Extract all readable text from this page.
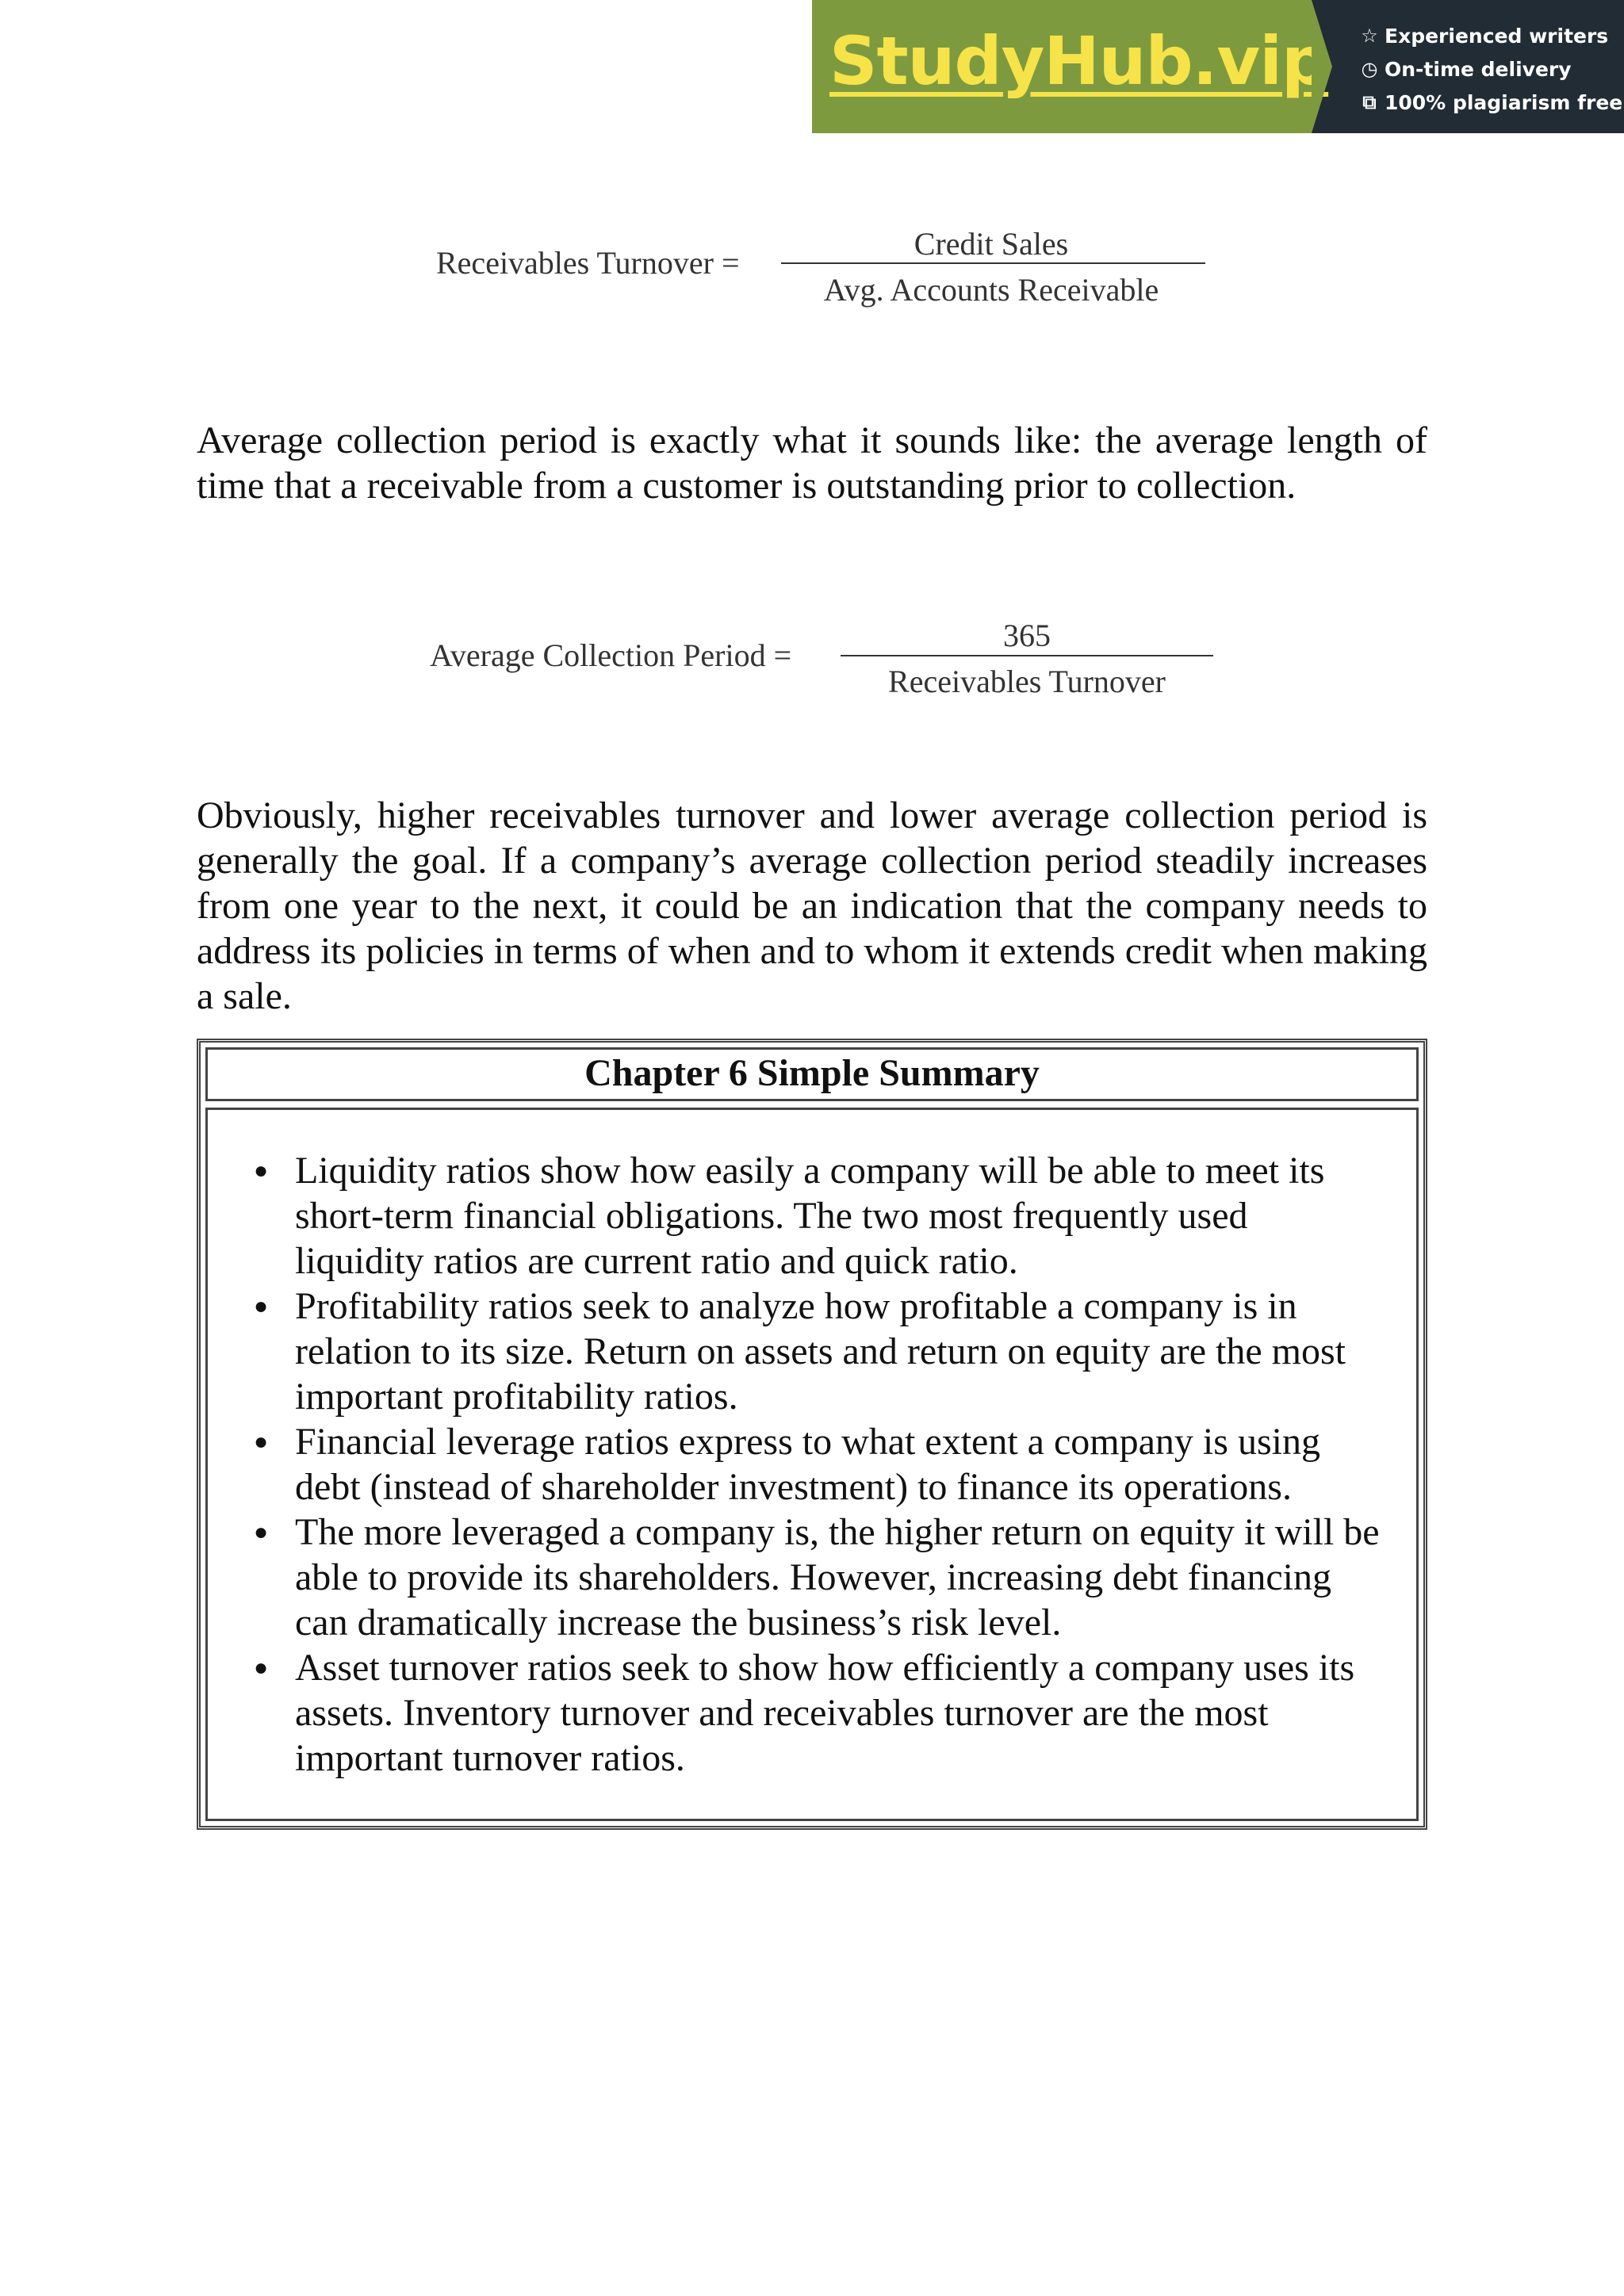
StudyHub.vip ☆ Experienced writers
◷ On-time delivery
⧉ 100% plagiarism free
Receivables Turnover =
Credit Sales
Avg. Accounts Receivable

Average collection period is exactly what it sounds like: the average length of time that a receivable from a customer is outstanding prior to collection.

Average Collection Period =
365
Receivables Turnover

Obviously, higher receivables turnover and lower average collection period is generally the goal. If a company’s average collection period steadily increases from one year to the next, it could be an indication that the company needs to address its policies in terms of when and to whom it extends credit when making a sale.

Chapter 6 Simple Summary
● Liquidity ratios show how easily a company will be able to meet its short-term financial obligations. The two most frequently used liquidity ratios are current ratio and quick ratio.
● Profitability ratios seek to analyze how profitable a company is in relation to its size. Return on assets and return on equity are the most important profitability ratios.
● Financial leverage ratios express to what extent a company is using debt (instead of shareholder investment) to finance its operations.
● The more leveraged a company is, the higher return on equity it will be able to provide its shareholders. However, increasing debt financing can dramatically increase the business’s risk level.
● Asset turnover ratios seek to show how efficiently a company uses its assets. Inventory turnover and receivables turnover are the most important turnover ratios.
